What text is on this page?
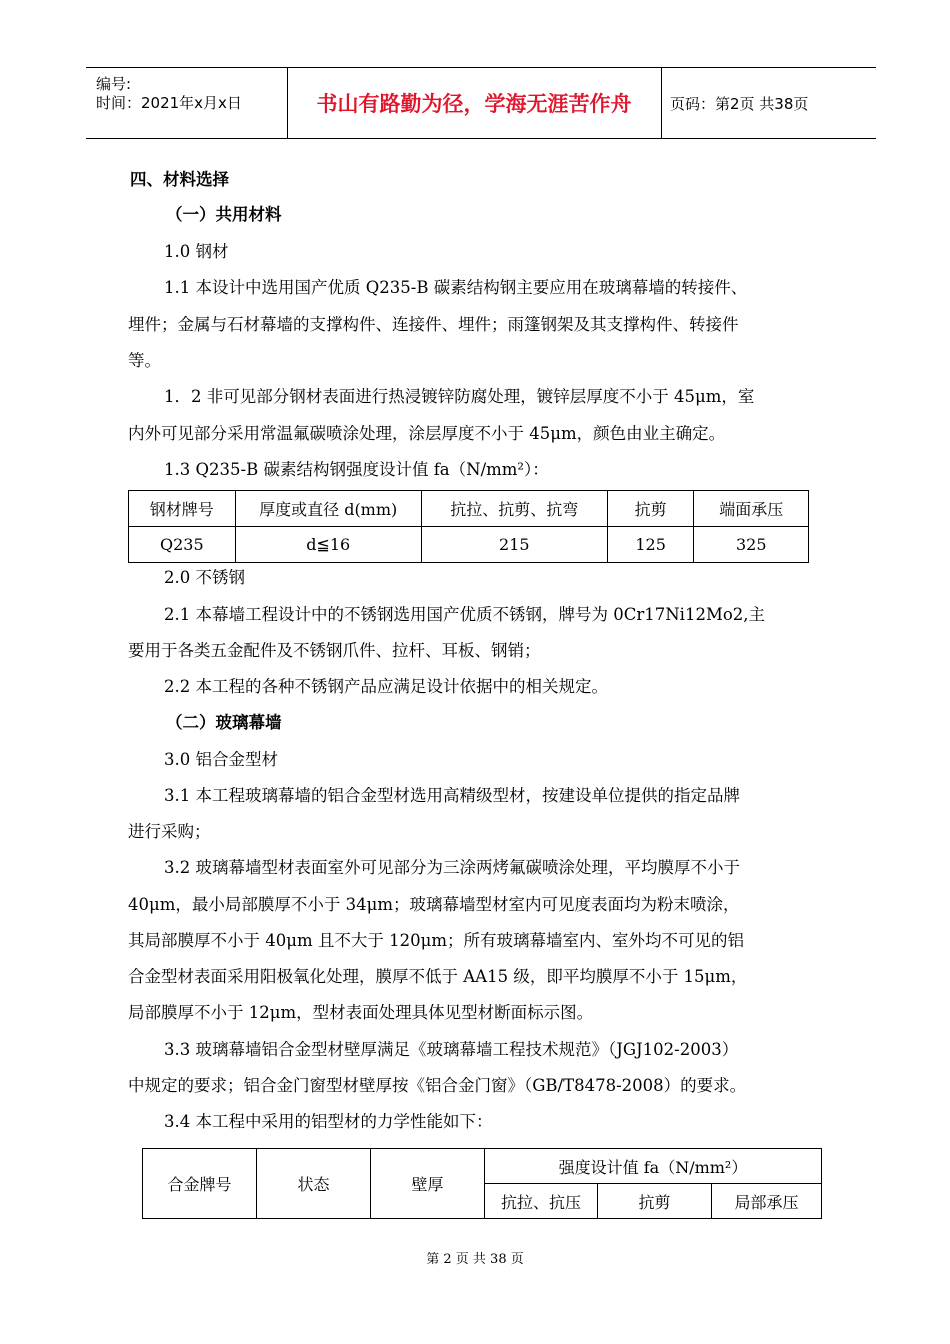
编号:
时间：2021年x月x日	书山有路勤为径，学海无涯苦作舟	页码：第2页 共38页
四、材料选择
（一）共用材料
1.0 钢材
1.1 本设计中选用国产优质 Q235-B 碳素结构钢主要应用在玻璃幕墙的转接件、
埋件；金属与石材幕墙的支撑构件、连接件、埋件；雨篷钢架及其支撑构件、转接件
等。
1．2 非可见部分钢材表面进行热浸镀锌防腐处理，镀锌层厚度不小于 45μm，室
内外可见部分采用常温氟碳喷涂处理，涂层厚度不小于 45μm，颜色由业主确定。
1.3 Q235-B 碳素结构钢强度设计值 fa（N/mm²）：
钢材牌号	厚度或直径 d(mm)	抗拉、抗剪、抗弯	抗剪	端面承压
Q235	d≦16	215	125	325
2.0 不锈钢
2.1 本幕墙工程设计中的不锈钢选用国产优质不锈钢，牌号为 0Cr17Ni12Mo2,主
要用于各类五金配件及不锈钢爪件、拉杆、耳板、钢销；
2.2 本工程的各种不锈钢产品应满足设计依据中的相关规定。
（二）玻璃幕墙
3.0 铝合金型材
3.1 本工程玻璃幕墙的铝合金型材选用高精级型材，按建设单位提供的指定品牌
进行采购；
3.2 玻璃幕墙型材表面室外可见部分为三涂两烤氟碳喷涂处理，平均膜厚不小于
40μm，最小局部膜厚不小于 34μm；玻璃幕墙型材室内可见度表面均为粉末喷涂，
其局部膜厚不小于 40μm 且不大于 120μm；所有玻璃幕墙室内、室外均不可见的铝
合金型材表面采用阳极氧化处理，膜厚不低于 AA15 级，即平均膜厚不小于 15μm，
局部膜厚不小于 12μm，型材表面处理具体见型材断面标示图。
3.3 玻璃幕墙铝合金型材壁厚满足《玻璃幕墙工程技术规范》（JGJ102-2003）
中规定的要求；铝合金门窗型材壁厚按《铝合金门窗》（GB/T8478-2008）的要求。
3.4 本工程中采用的铝型材的力学性能如下：
合金牌号	状态	壁厚	强度设计值 fa（N/mm²）		
			抗拉、抗压	抗剪	局部承压
第 2 页 共 38 页
